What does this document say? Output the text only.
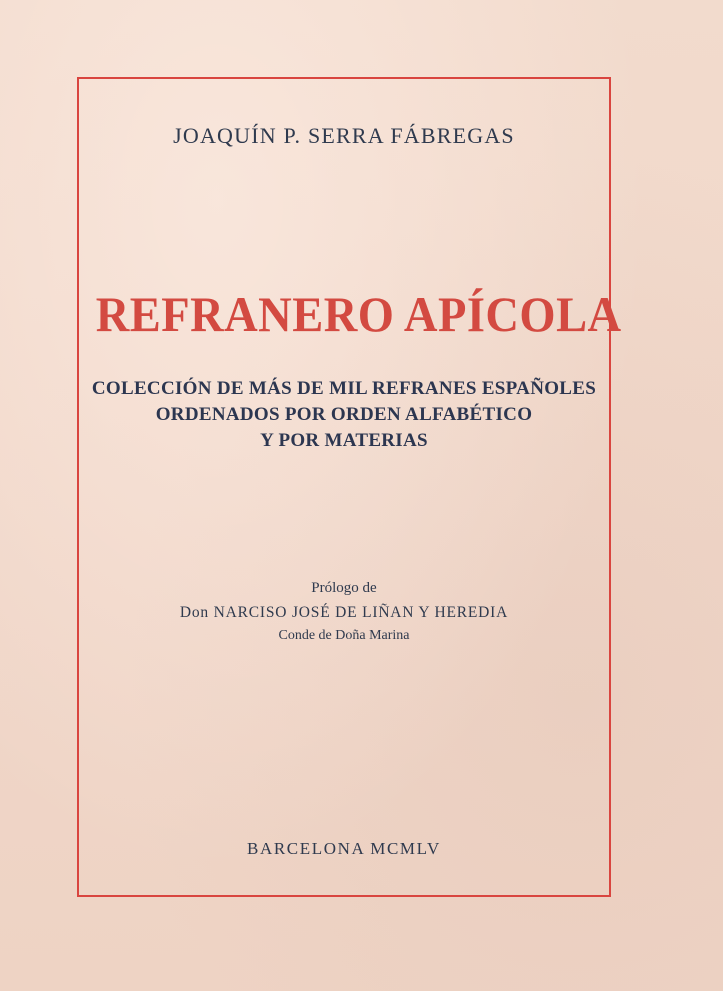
JOAQUÍN P. SERRA FÁBREGAS
REFRANERO APÍCOLA
COLECCIÓN DE MÁS DE MIL REFRANES ESPAÑOLES
ORDENADOS POR ORDEN ALFABÉTICO
Y POR MATERIAS
Prólogo de
Don NARCISO JOSÉ DE LIÑAN Y HEREDIA
Conde de Doña Marina
BARCELONA MCMLV
